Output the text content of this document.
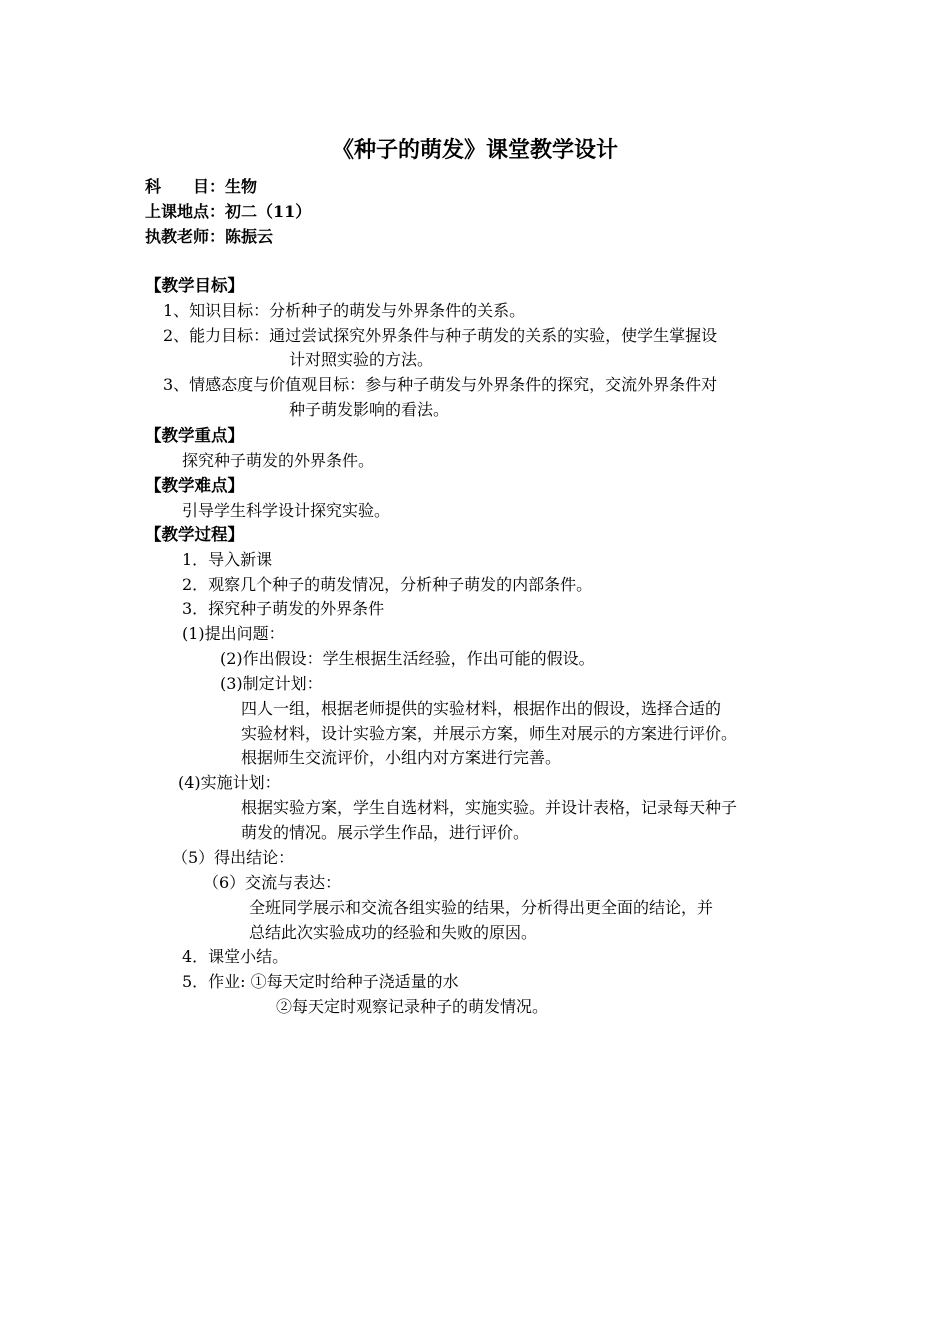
《种子的萌发》课堂教学设计
科　　目：生物
上课地点：初二（11）
执教老师：陈振云
【教学目标】
1、知识目标：分析种子的萌发与外界条件的关系。
2、能力目标：通过尝试探究外界条件与种子萌发的关系的实验，使学生掌握设
计对照实验的方法。
3、情感态度与价值观目标：参与种子萌发与外界条件的探究，交流外界条件对
种子萌发影响的看法。
【教学重点】
探究种子萌发的外界条件。
【教学难点】
引导学生科学设计探究实验。
【教学过程】
1．导入新课
2．观察几个种子的萌发情况，分析种子萌发的内部条件。
3．探究种子萌发的外界条件
(1)提出问题：
(2)作出假设：学生根据生活经验，作出可能的假设。
(3)制定计划：
四人一组，根据老师提供的实验材料，根据作出的假设，选择合适的
实验材料，设计实验方案，并展示方案，师生对展示的方案进行评价。
根据师生交流评价，小组内对方案进行完善。
(4)实施计划：
根据实验方案，学生自选材料，实施实验。并设计表格，记录每天种子
萌发的情况。展示学生作品，进行评价。
（5）得出结论：
（6）交流与表达：
全班同学展示和交流各组实验的结果，分析得出更全面的结论，并
总结此次实验成功的经验和失败的原因。
4．课堂小结。
5．作业: ①每天定时给种子浇适量的水
②每天定时观察记录种子的萌发情况。
